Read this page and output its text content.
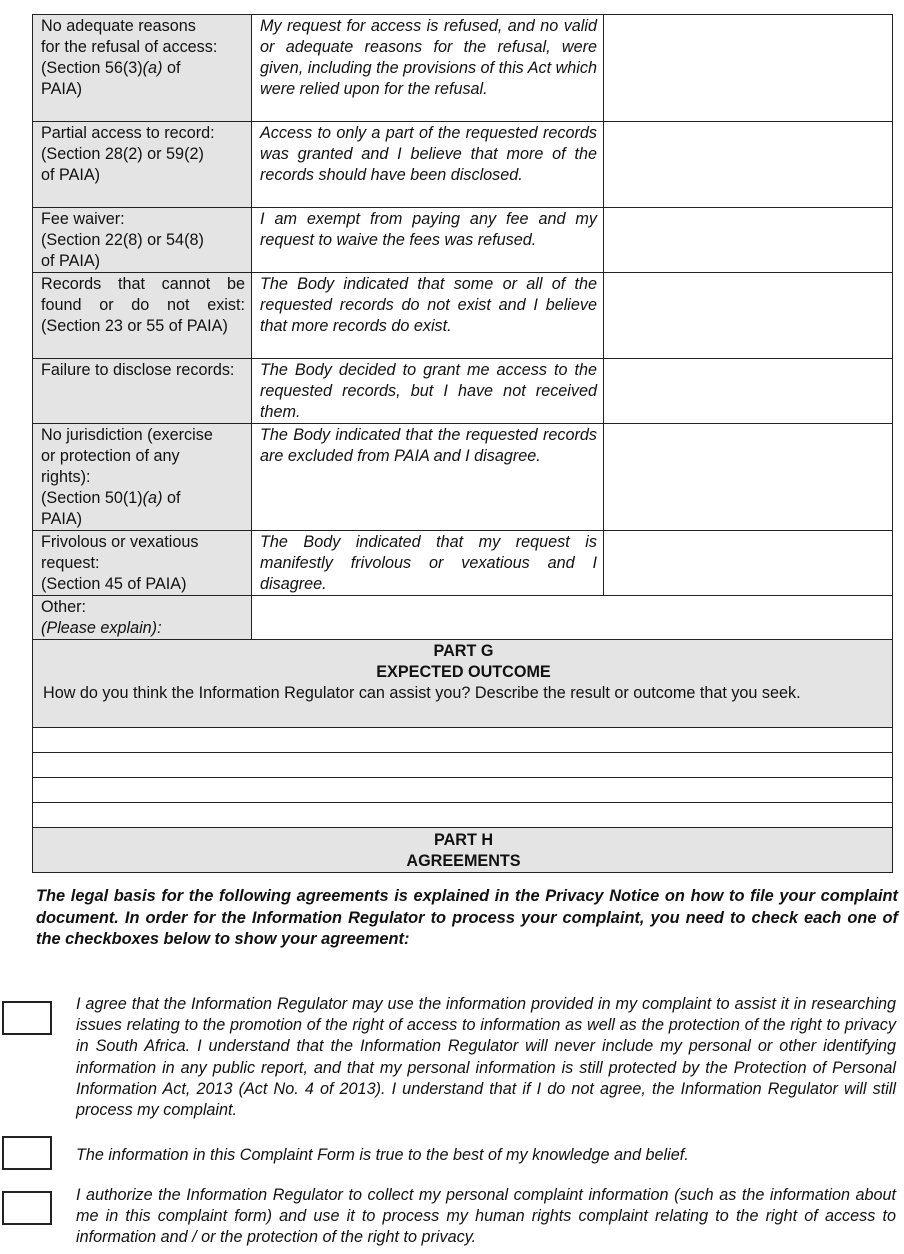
No adequate reasons
for the refusal of access:
(Section 56(3)(a) of
PAIA)	My request for access is refused, and no valid or adequate reasons for the refusal, were given, including the provisions of this Act which were relied upon for the refusal.	
Partial access to record:
(Section 28(2) or 59(2)
of PAIA)	Access to only a part of the requested records was granted and I believe that more of the records should have been disclosed.	
Fee waiver:
(Section 22(8) or 54(8)
of PAIA)	I am exempt from paying any fee and my request to waive the fees was refused.	
Records that cannot be found or do not exist: (Section 23 or 55 of PAIA)	The Body indicated that some or all of the requested records do not exist and I believe that more records do exist.	
Failure to disclose records:	The Body decided to grant me access to the requested records, but I have not received them.	
No jurisdiction (exercise
or protection of any
rights):
(Section 50(1)(a) of
PAIA)	The Body indicated that the requested records are excluded from PAIA and I disagree.	
Frivolous or vexatious
request:
(Section 45 of PAIA)	The Body indicated that my request is manifestly frivolous or vexatious and I disagree.	
Other:
(Please explain):		
PART G
EXPECTED OUTCOME		
How do you think the Information Regulator can assist you? Describe the result or outcome that you seek.		

PART H
AGREEMENTS		
The legal basis for the following agreements is explained in the Privacy Notice on how to file your complaint document. In order for the Information Regulator to process your complaint, you need to check each one of the checkboxes below to show your agreement:
I agree that the Information Regulator may use the information provided in my complaint to assist it in researching issues relating to the promotion of the right of access to information as well as the protection of the right to privacy in South Africa. I understand that the Information Regulator will never include my personal or other identifying information in any public report, and that my personal information is still protected by the Protection of Personal Information Act, 2013 (Act No. 4 of 2013). I understand that if I do not agree, the Information Regulator will still process my complaint.
The information in this Complaint Form is true to the best of my knowledge and belief.
I authorize the Information Regulator to collect my personal complaint information (such as the information about me in this complaint form) and use it to process my human rights complaint relating to the right of access to information and / or the protection of the right to privacy.
